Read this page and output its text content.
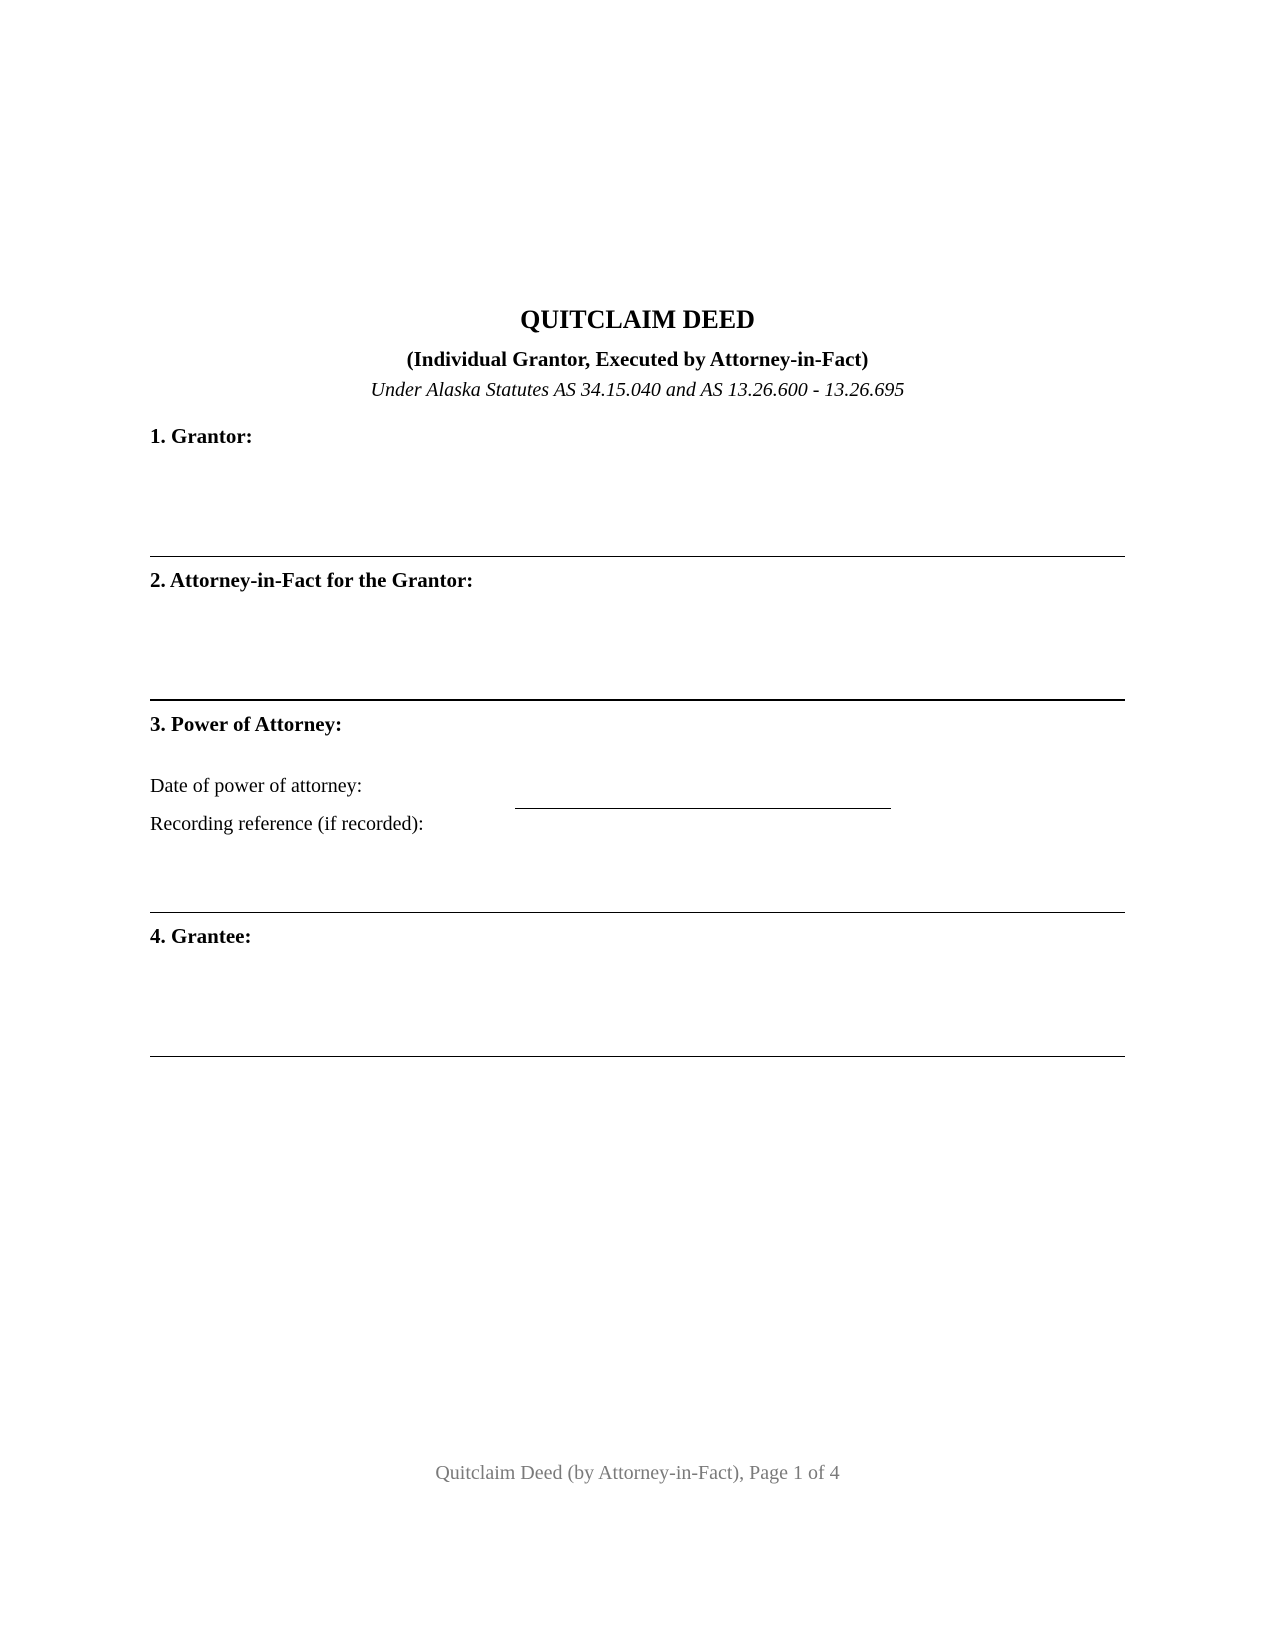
QUITCLAIM DEED
(Individual Grantor, Executed by Attorney-in-Fact)
Under Alaska Statutes AS 34.15.040 and AS 13.26.600 - 13.26.695
1. Grantor:
2. Attorney-in-Fact for the Grantor:
3. Power of Attorney:
Date of power of attorney:
Recording reference (if recorded):
4. Grantee:
Quitclaim Deed (by Attorney-in-Fact), Page 1 of 4
